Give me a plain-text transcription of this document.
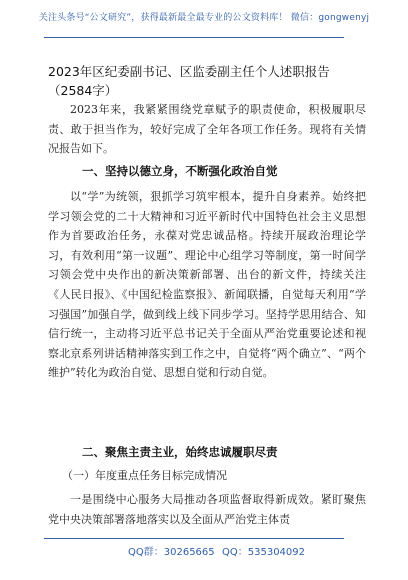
关注头条号“公文研究”，获得最新最全最专业的公文资料库！ 微信：gongwenyj
2023年区纪委副书记、区监委副主任个人述职报告（2584字）

2023年来，我紧紧围绕党章赋予的职责使命，积极履职尽责、敢于担当作为，较好完成了全年各项工作任务。现将有关情况报告如下。

一、坚持以德立身，不断强化政治自觉

以“学”为统领，狠抓学习筑牢根本，提升自身素养。始终把学习领会党的二十大精神和习近平新时代中国特色社会主义思想作为首要政治任务，永葆对党忠诚品格。持续开展政治理论学习，有效利用“第一议题”、理论中心组学习等制度，第一时间学习领会党中央作出的新决策新部署、出台的新文件，持续关注《人民日报》、《中国纪检监察报》、新闻联播，自觉每天利用“学习强国”加强自学，做到线上线下同步学习。坚持学思用结合、知信行统一，主动将习近平总书记关于全面从严治党重要论述和视察北京系列讲话精神落实到工作之中，自觉将“两个确立”、“两个维护”转化为政治自觉、思想自觉和行动自觉。

二、聚焦主责主业，始终忠诚履职尽责
（一）年度重点任务目标完成情况

一是围绕中心服务大局推动各项监督取得新成效。紧盯聚焦党中央决策部署落地落实以及全面从严治党主体责

QQ群：30265665 QQ：535304092
